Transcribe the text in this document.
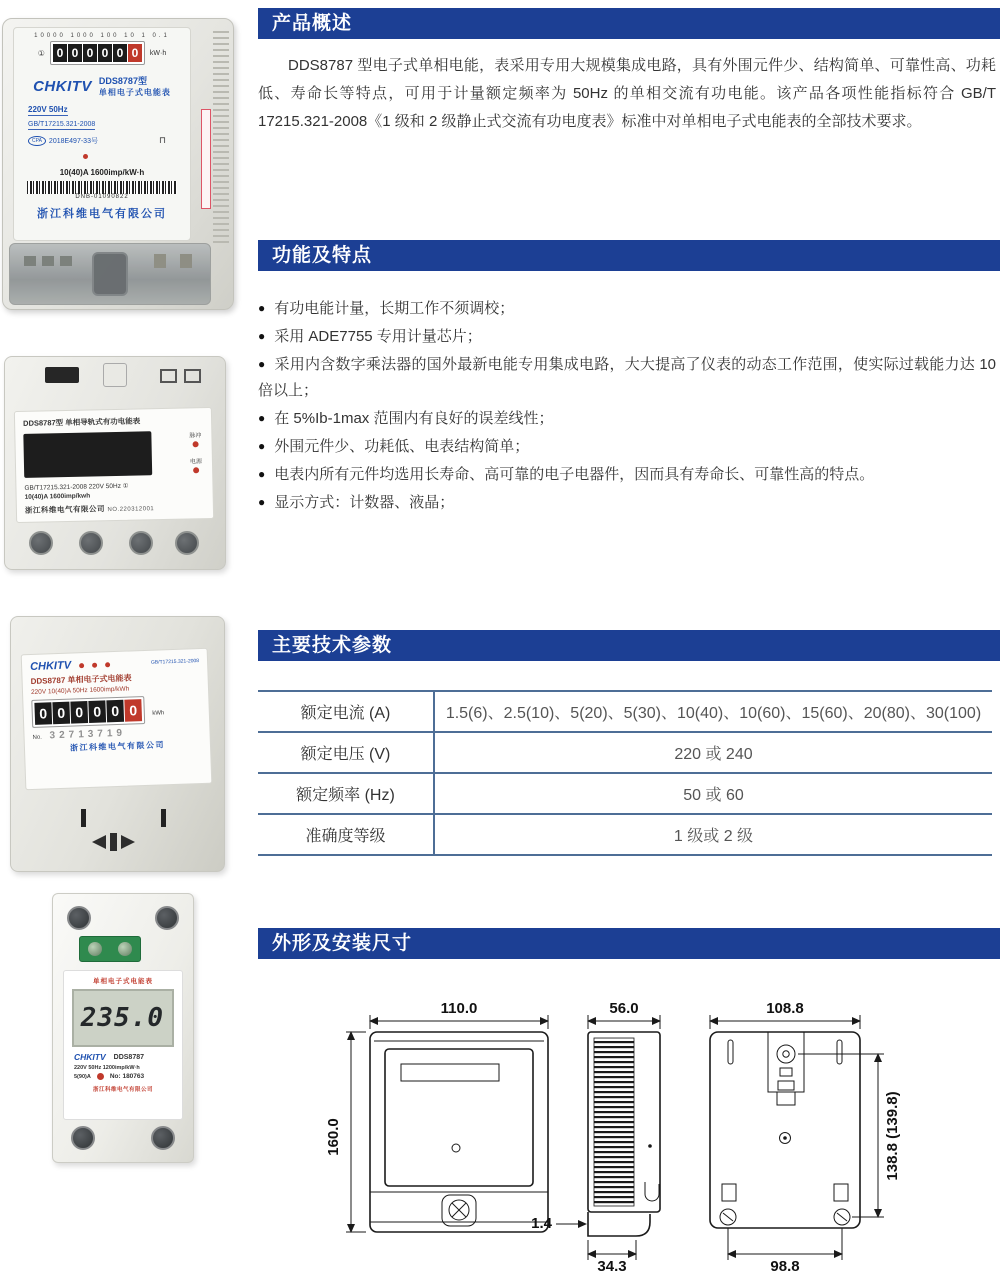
产品概述

DDS8787 型电子式单相电能，表采用专用大规模集成电路，具有外围元件少、结构简单、可靠性高、功耗低、寿命长等特点，可用于计量额定频率为 50Hz 的单相交流有功电能。该产品各项性能指标符合 GB/T 17215.321-2008《1 级和 2 级静止式交流有功电度表》标准中对单相电子式电能表的全部技术要求。

功能及特点
● 有功电能计量，长期工作不须调校；
● 采用 ADE7755 专用计量芯片；
● 采用内含数字乘法器的国外最新电能专用集成电路，大大提高了仪表的动态工作范围，使实际过载能力达 10 倍以上；
● 在 5%Ib-1max 范围内有良好的误差线性；
● 外围元件少、功耗低、电表结构简单；
● 电表内所有元件均选用长寿命、高可靠的电子电器件，因而具有寿命长、可靠性高的特点。
● 显示方式：计数器、液晶；
主要技术参数
额定电流 (A)	1.5(6)、2.5(10)、5(20)、5(30)、10(40)、10(60)、15(60)、20(80)、30(100)
额定电压 (V)	220 或 240
额定频率 (Hz)	50 或 60
准确度等级	1 级或 2 级
外形及安装尺寸
110.0
160.0
56.0
1.4
34.3
108.8
138.8 (139.8)
98.8
10000 1000 100 10 1 0.1
① 0 0 0 0 0 0	kW·h
CHKITV DDS8787型
单相电子式电能表
220V 50Hz
GB/T17215.321-2008
CPA	2018E497-33号	⊓
10(40)A 1600imp/kW·h
DNB-01090822
浙江科维电气有限公司
DDS8787型 单相导轨式有功电能表
脉冲

电源

GB/T17215.321-2008 220V 50Hz ①
10(40)A 1600imp/kwh
浙江科维电气有限公司 NO.220312001
CHKITV	GB/T17215.321-2008
DDS8787 单相电子式电能表
220V 10(40)A 50Hz 1600imp/kWh
0 0 0 0 0 0	kWh
No. 32713719
浙江科维电气有限公司
单相电子式电能表
235.0
CHKITV DDS8787
220V 50Hz 1200imp/kW·h
5(90)A	No: 180763
浙江科维电气有限公司
